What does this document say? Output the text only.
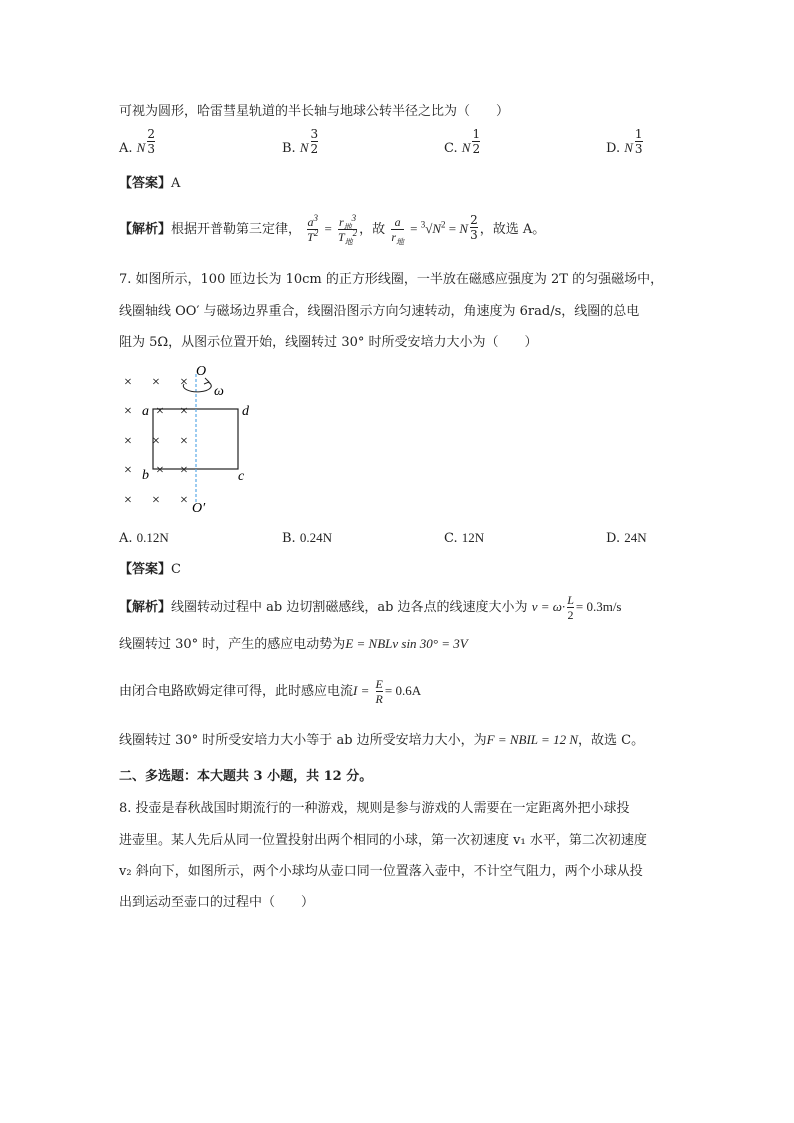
可视为圆形，哈雷彗星轨道的半长轴与地球公转半径之比为（　　）
A. N $\frac{2}{3}$	B. N $\frac{3}{2}$	C. N $\frac{1}{2}$	D. N $\frac{1}{3}$
【答案】A
【解析】根据开普勒第三定律， $\frac{a^3}{T^2} = \frac{r_地^3}{T_地^2}$ ，故 $\frac{a}{r_地} = ^3√N^2 = N \frac{2}{3}$ ，故选 A。
7. 如图所示，100 匝边长为 10cm 的正方形线圈，一半放在磁感应强度为 2T 的匀强磁场中，
线圈轴线 OO′ 与磁场边界重合，线圈沿图示方向匀速转动，角速度为 6rad/s，线圈的总电
阻为 5Ω，从图示位置开始，线圈转过 30° 时所受安培力大小为（　　）
× × ×
× × ×
× × ×
× × ×
× × ×
O
ω
a	d
b	c
O′
A. 0.12N	B. 0.24N	C. 12N	D. 24N
【答案】C
【解析】线圈转动过程中 ab 边切割磁感线，ab 边各点的线速度大小为 $v = \omega\cdot \frac{L}{2} = 0.3m/s$
线圈转过 30° 时，产生的感应电动势为E = NBLv sin 30° = 3V
由闭合电路欧姆定律可得，此时感应电流$I = \frac{E}{R} = 0.6A$
线圈转过 30° 时所受安培力大小等于 ab 边所受安培力大小，为F = NBIL = 12 N，故选 C。
二、多选题：本大题共 3 小题，共 12 分。
8. 投壶是春秋战国时期流行的一种游戏，规则是参与游戏的人需要在一定距离外把小球投
进壶里。某人先后从同一位置投射出两个相同的小球，第一次初速度 v₁ 水平，第二次初速度
v₂ 斜向下，如图所示，两个小球均从壶口同一位置落入壶中，不计空气阻力，两个小球从投
出到运动至壶口的过程中（　　）
